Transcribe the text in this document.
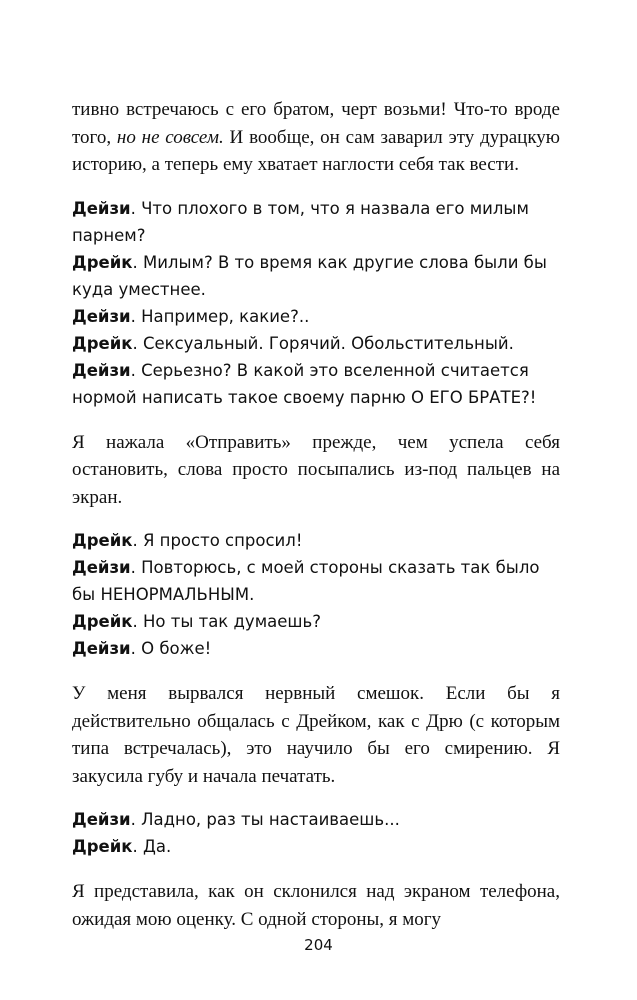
тивно встречаюсь с его братом, черт возьми! Что-то вроде того, но не совсем. И вообще, он сам заварил эту дурацкую историю, а теперь ему хватает наглости себя так вести.

Дейзи. Что плохого в том, что я назвала его милым парнем?

Дрейк. Милым? В то время как другие слова были бы куда уместнее.

Дейзи. Например, какие?..

Дрейк. Сексуальный. Горячий. Обольстительный.

Дейзи. Серьезно? В какой это вселенной считается нормой написать такое своему парню О ЕГО БРАТЕ?!

Я нажала «Отправить» прежде, чем успела себя остановить, слова просто посыпались из-под пальцев на экран.

Дрейк. Я просто спросил!

Дейзи. Повторюсь, с моей стороны сказать так было бы НЕНОРМАЛЬНЫМ.

Дрейк. Но ты так думаешь?

Дейзи. О боже!

У меня вырвался нервный смешок. Если бы я действительно общалась с Дрейком, как с Дрю (с которым типа встречалась), это научило бы его смирению. Я закусила губу и начала печатать.

Дейзи. Ладно, раз ты настаиваешь...

Дрейк. Да.

Я представила, как он склонился над экраном телефона, ожидая мою оценку. С одной стороны, я могу

204
